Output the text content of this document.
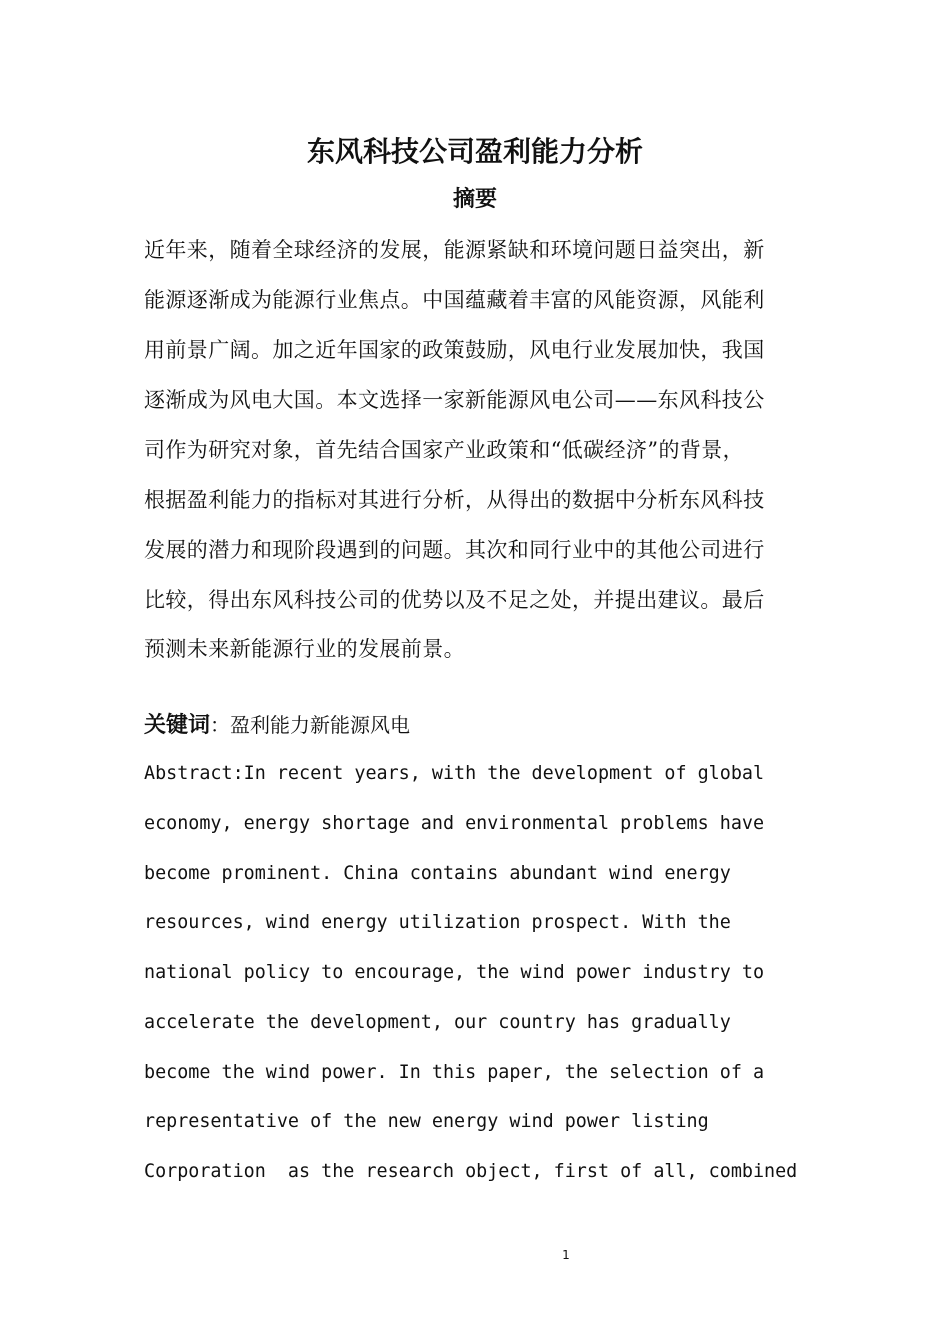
东风科技公司盈利能力分析
摘要
近年来，随着全球经济的发展，能源紧缺和环境问题日益突出，新
能源逐渐成为能源行业焦点。中国蕴藏着丰富的风能资源，风能利
用前景广阔。加之近年国家的政策鼓励，风电行业发展加快，我国
逐渐成为风电大国。本文选择一家新能源风电公司——东风科技公
司作为研究对象，首先结合国家产业政策和“低碳经济”的背景，
根据盈利能力的指标对其进行分析，从得出的数据中分析东风科技
发展的潜力和现阶段遇到的问题。其次和同行业中的其他公司进行
比较，得出东风科技公司的优势以及不足之处，并提出建议。最后
预测未来新能源行业的发展前景。
关键词：盈利能力新能源风电
Abstract:In recent years, with the development of global
economy, energy shortage and environmental problems have
become prominent. China contains abundant wind energy
resources, wind energy utilization prospect. With the
national policy to encourage, the wind power industry to
accelerate the development, our country has gradually
become the wind power. In this paper, the selection of a
representative of the new energy wind power listing
Corporation  as the research object, first of all, combined
1
